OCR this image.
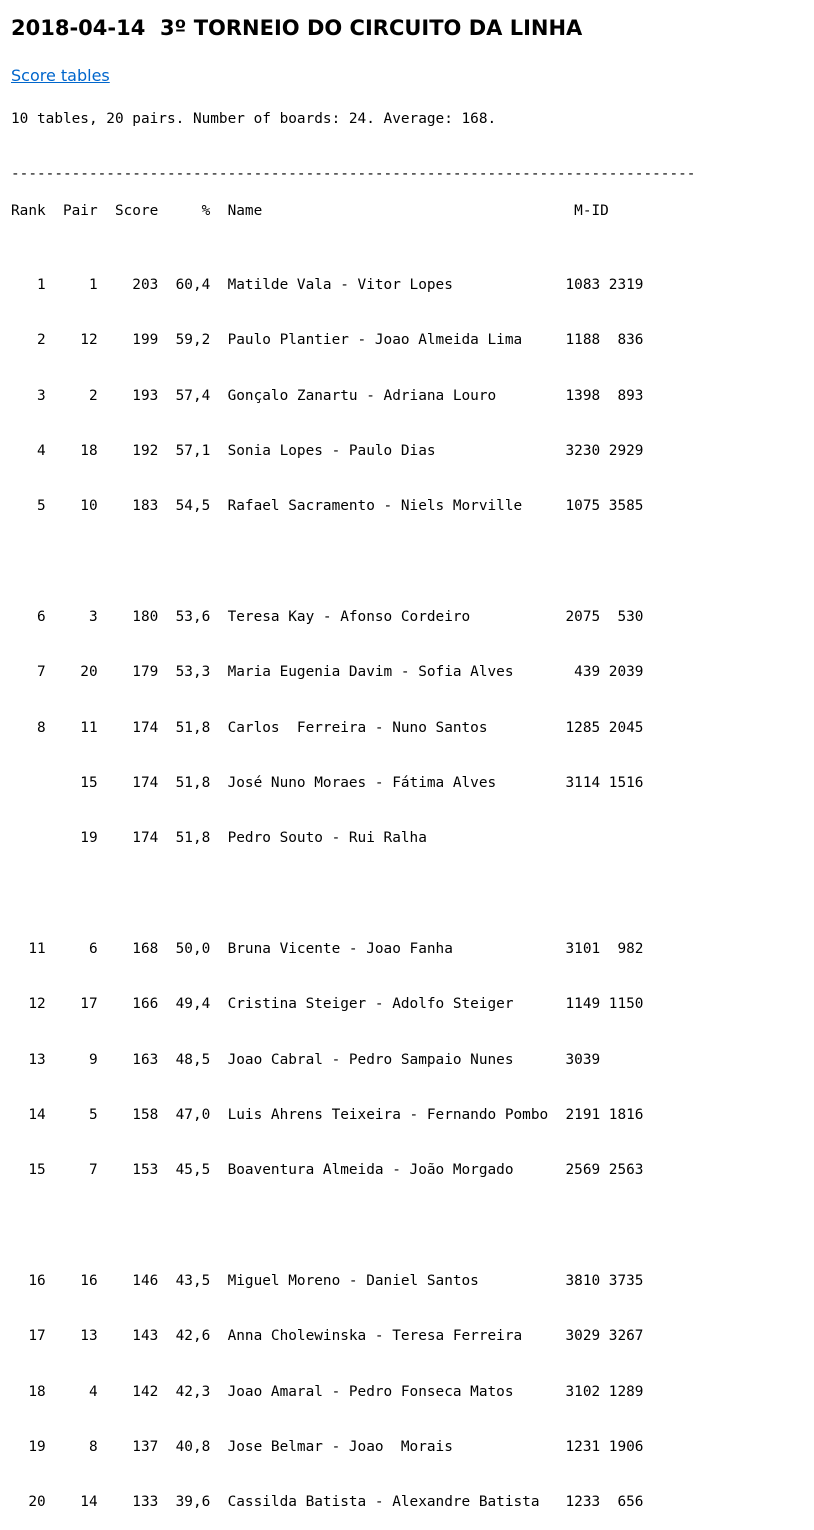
2018-04-14  3º TORNEIO DO CIRCUITO DA LINHA
Score tables
10 tables, 20 pairs. Number of boards: 24. Average: 168.
-------------------------------------------------------------------------------
Rank  Pair  Score     %  Name                                    M-ID

1     1    203  60,4  Matilde Vala - Vitor Lopes             1083 2319

2    12    199  59,2  Paulo Plantier - Joao Almeida Lima     1188  836

3     2    193  57,4  Gonçalo Zanartu - Adriana Louro        1398  893

4    18    192  57,1  Sonia Lopes - Paulo Dias               3230 2929

5    10    183  54,5  Rafael Sacramento - Niels Morville     1075 3585

6     3    180  53,6  Teresa Kay - Afonso Cordeiro           2075  530

7    20    179  53,3  Maria Eugenia Davim - Sofia Alves       439 2039

8    11    174  51,8  Carlos  Ferreira - Nuno Santos         1285 2045

15    174  51,8  José Nuno Moraes - Fátima Alves        3114 1516

19    174  51,8  Pedro Souto - Rui Ralha

11     6    168  50,0  Bruna Vicente - Joao Fanha             3101  982

12    17    166  49,4  Cristina Steiger - Adolfo Steiger      1149 1150

13     9    163  48,5  Joao Cabral - Pedro Sampaio Nunes      3039

14     5    158  47,0  Luis Ahrens Teixeira - Fernando Pombo  2191 1816

15     7    153  45,5  Boaventura Almeida - João Morgado      2569 2563

16    16    146  43,5  Miguel Moreno - Daniel Santos          3810 3735

17    13    143  42,6  Anna Cholewinska - Teresa Ferreira     3029 3267

18     4    142  42,3  Joao Amaral - Pedro Fonseca Matos      3102 1289

19     8    137  40,8  Jose Belmar - Joao  Morais             1231 1906

20    14    133  39,6  Cassilda Batista - Alexandre Batista   1233  656
